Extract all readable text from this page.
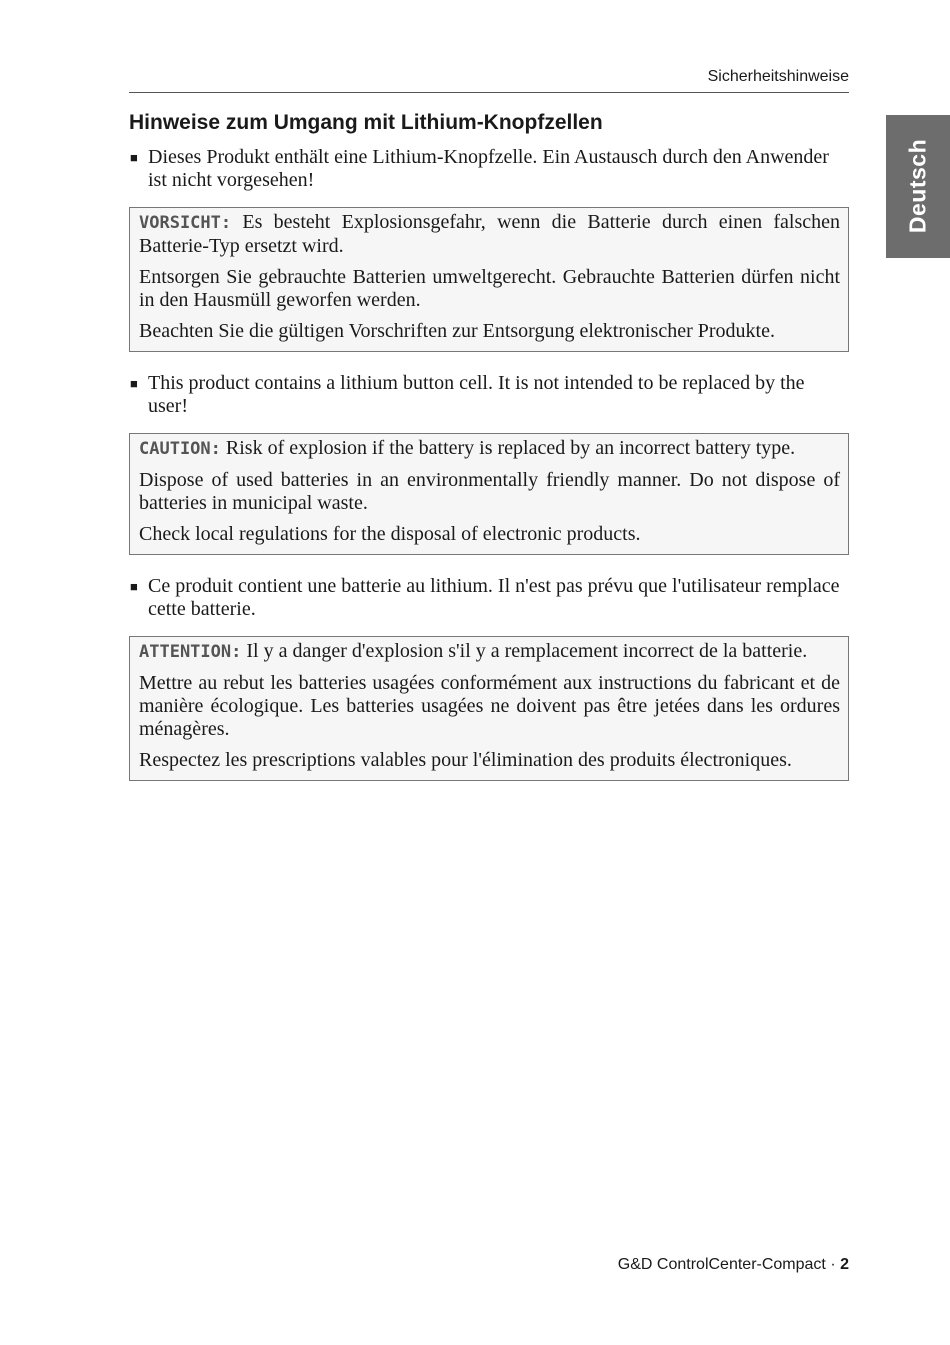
Sicherheitshinweise
Deutsch
Hinweise zum Umgang mit Lithium-Knopfzellen
■ Dieses Produkt enthält eine Lithium-Knopfzelle. Ein Austausch durch den Anwender ist nicht vorgesehen!

VORSICHT: Es besteht Explosionsgefahr, wenn die Batterie durch einen falschen Batterie-Typ ersetzt wird.

Entsorgen Sie gebrauchte Batterien umweltgerecht. Gebrauchte Batterien dürfen nicht in den Hausmüll geworfen werden.

Beachten Sie die gültigen Vorschriften zur Entsorgung elektronischer Produkte.

■ This product contains a lithium button cell. It is not intended to be replaced by the user!

CAUTION: Risk of explosion if the battery is replaced by an incorrect battery type.

Dispose of used batteries in an environmentally friendly manner. Do not dispose of batteries in municipal waste.

Check local regulations for the disposal of electronic products.

■ Ce produit contient une batterie au lithium. Il n'est pas prévu que l'utilisateur remplace cette batterie.

ATTENTION: Il y a danger d'explosion s'il y a remplacement incorrect de la batterie.

Mettre au rebut les batteries usagées conformément aux instructions du fabricant et de manière écologique. Les batteries usagées ne doivent pas être jetées dans les ordures ménagères.

Respectez les prescriptions valables pour l'élimination des produits électroniques.

G&D ControlCenter-Compact · 2
